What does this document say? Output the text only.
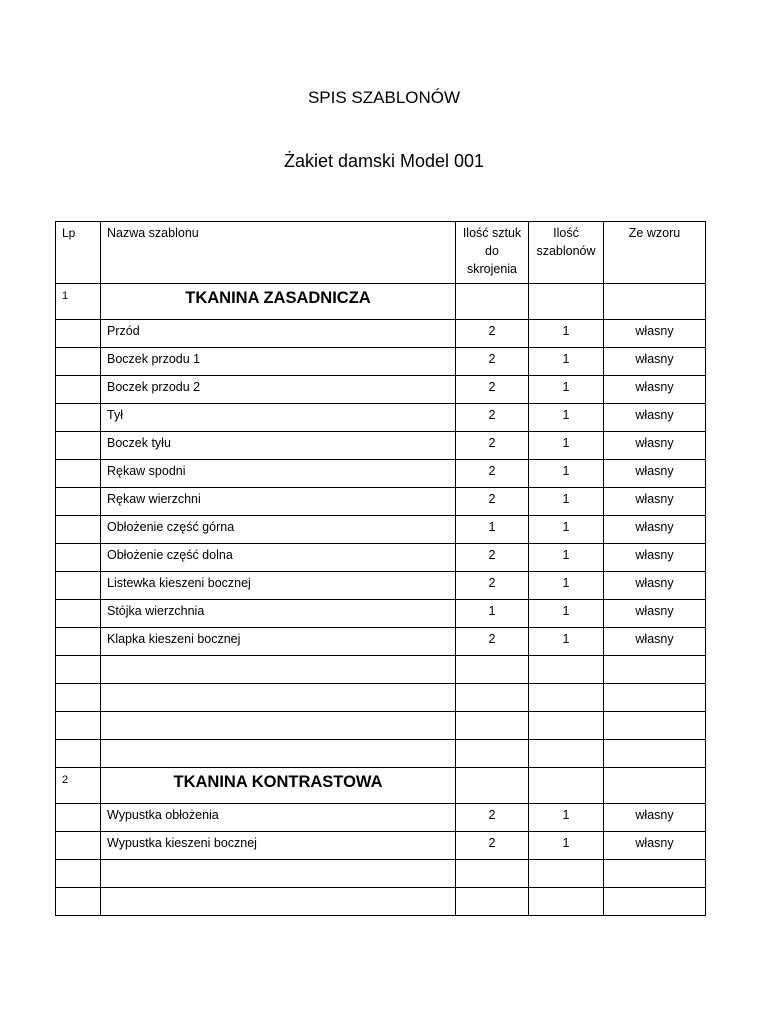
SPIS SZABLONÓW
Żakiet damski Model 001
Lp	Nazwa szablonu	Ilość sztuk do skrojenia	Ilość szablonów	Ze wzoru
1	TKANINA ZASADNICZA			

	Przód	2	1	własny
	Boczek przodu 1	2	1	własny
	Boczek przodu 2	2	1	własny
	Tył	2	1	własny
	Boczek tyłu	2	1	własny
	Rękaw spodni	2	1	własny
	Rękaw wierzchni	2	1	własny
	Obłożenie część górna	1	1	własny
	Obłożenie część dolna	2	1	własny
	Listewka kieszeni bocznej	2	1	własny
	Stójka wierzchnia	1	1	własny
	Klapka kieszeni bocznej	2	1	własny

2	TKANINA KONTRASTOWA			

	Wypustka obłożenia	2	1	własny
	Wypustka kieszeni bocznej	2	1	własny
